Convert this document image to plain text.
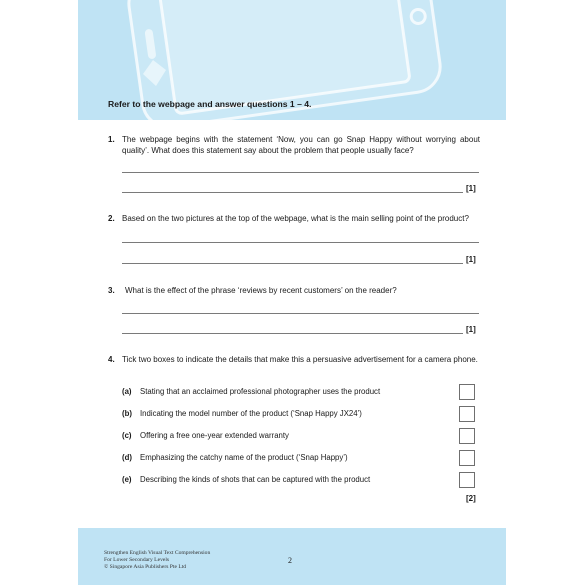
Refer to the webpage and answer questions 1 – 4.
1. The webpage begins with the statement ‘Now, you can go Snap Happy without worrying about quality’. What does this statement say about the problem that people usually face?
[1]
2. Based on the two pictures at the top of the webpage, what is the main selling point of the product?
[1]
3. What is the effect of the phrase ‘reviews by recent customers’ on the reader?
[1]
4. Tick two boxes to indicate the details that make this a persuasive advertisement for a camera phone.
(a) Stating that an acclaimed professional photographer uses the product
(b) Indicating the model number of the product (‘Snap Happy JX24’)
(c) Offering a free one-year extended warranty
(d) Emphasizing the catchy name of the product (‘Snap Happy’)
(e) Describing the kinds of shots that can be captured with the product
[2]
Strengthen English Visual Text Comprehension
For Lower Secondary Levels
© Singapore Asia Publishers Pte Ltd
2
